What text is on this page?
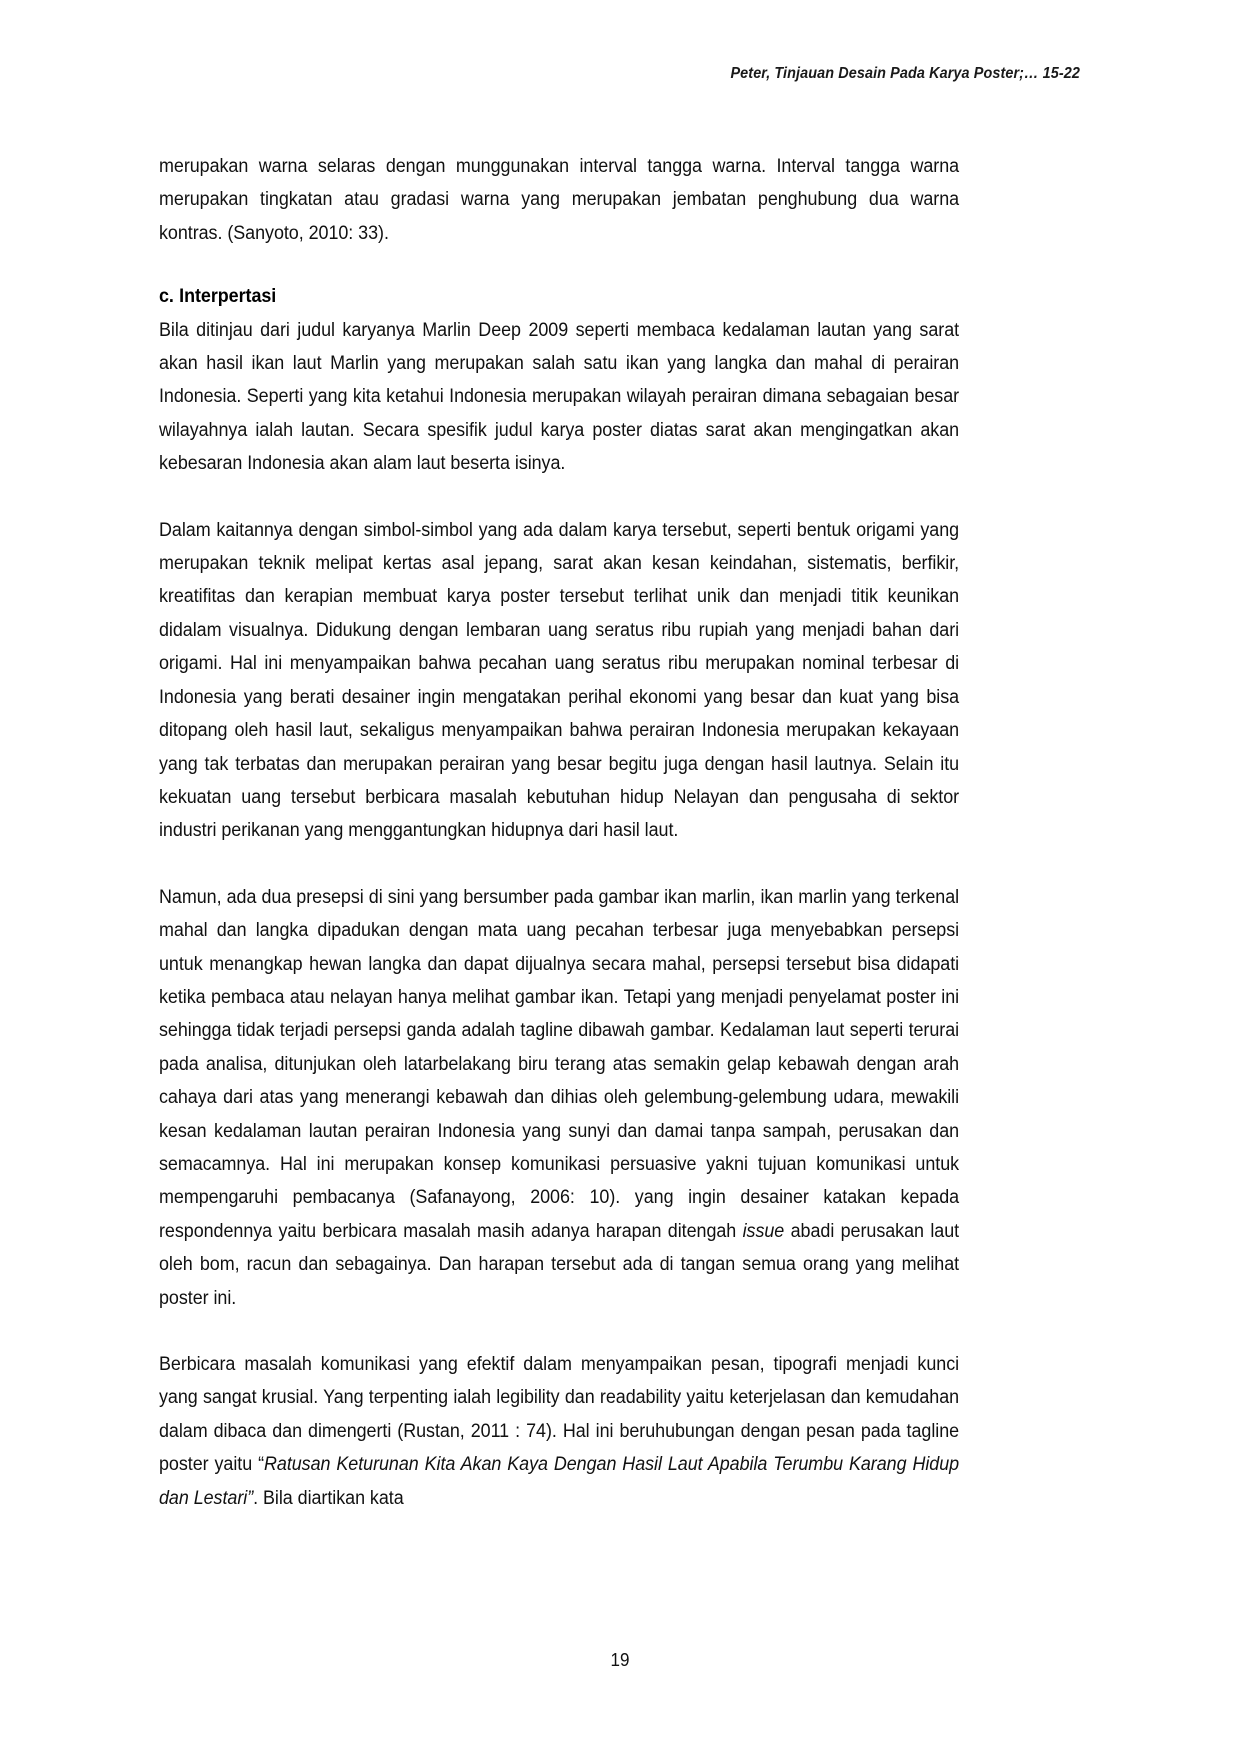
Peter, Tinjauan Desain Pada Karya Poster;… 15-22

merupakan warna selaras dengan munggunakan interval tangga warna. Interval tangga warna merupakan tingkatan atau gradasi warna yang merupakan jembatan penghubung dua warna kontras. (Sanyoto, 2010: 33).

c. Interpertasi

Bila ditinjau dari judul karyanya Marlin Deep 2009 seperti membaca kedalaman lautan yang sarat akan hasil ikan laut Marlin yang merupakan salah satu ikan yang langka dan mahal di perairan Indonesia. Seperti yang kita ketahui Indonesia merupakan wilayah perairan dimana sebagaian besar wilayahnya ialah lautan. Secara spesifik judul karya poster diatas sarat akan mengingatkan akan kebesaran Indonesia akan alam laut beserta isinya.

Dalam kaitannya dengan simbol-simbol yang ada dalam karya tersebut, seperti bentuk origami yang merupakan teknik melipat kertas asal jepang, sarat akan kesan keindahan, sistematis, berfikir, kreatifitas dan kerapian membuat karya poster tersebut terlihat unik dan menjadi titik keunikan didalam visualnya. Didukung dengan lembaran uang seratus ribu rupiah yang menjadi bahan dari origami. Hal ini menyampaikan bahwa pecahan uang seratus ribu merupakan nominal terbesar di Indonesia yang berati desainer ingin mengatakan perihal ekonomi yang besar dan kuat yang bisa ditopang oleh hasil laut, sekaligus menyampaikan bahwa perairan Indonesia merupakan kekayaan yang tak terbatas dan merupakan perairan yang besar begitu juga dengan hasil lautnya. Selain itu kekuatan uang tersebut berbicara masalah kebutuhan hidup Nelayan dan pengusaha di sektor industri perikanan yang menggantungkan hidupnya dari hasil laut.

Namun, ada dua presepsi di sini yang bersumber pada gambar ikan marlin, ikan marlin yang terkenal mahal dan langka dipadukan dengan mata uang pecahan terbesar juga menyebabkan persepsi untuk menangkap hewan langka dan dapat dijualnya secara mahal, persepsi tersebut bisa didapati ketika pembaca atau nelayan hanya melihat gambar ikan. Tetapi yang menjadi penyelamat poster ini sehingga tidak terjadi persepsi ganda adalah tagline dibawah gambar. Kedalaman laut seperti terurai pada analisa, ditunjukan oleh latarbelakang biru terang atas semakin gelap kebawah dengan arah cahaya dari atas yang menerangi kebawah dan dihias oleh gelembung-gelembung udara, mewakili kesan kedalaman lautan perairan Indonesia yang sunyi dan damai tanpa sampah, perusakan dan semacamnya. Hal ini merupakan konsep komunikasi persuasive yakni tujuan komunikasi untuk mempengaruhi pembacanya (Safanayong, 2006: 10). yang ingin desainer katakan kepada respondennya yaitu berbicara masalah masih adanya harapan ditengah issue abadi perusakan laut oleh bom, racun dan sebagainya. Dan harapan tersebut ada di tangan semua orang yang melihat poster ini.

Berbicara masalah komunikasi yang efektif dalam menyampaikan pesan, tipografi menjadi kunci yang sangat krusial. Yang terpenting ialah legibility dan readability yaitu keterjelasan dan kemudahan dalam dibaca dan dimengerti (Rustan, 2011 : 74). Hal ini beruhubungan dengan pesan pada tagline poster yaitu “Ratusan Keturunan Kita Akan Kaya Dengan Hasil Laut Apabila Terumbu Karang Hidup dan Lestari”. Bila diartikan kata

19
